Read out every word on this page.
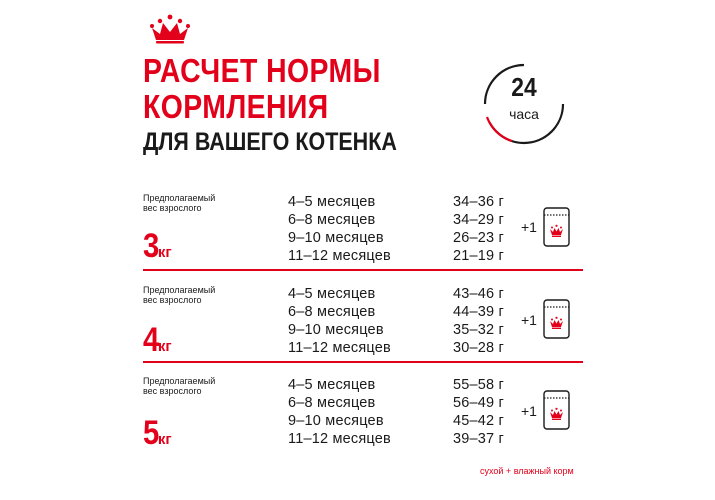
РАСЧЕТ НОРМЫ
КОРМЛЕНИЯ
ДЛЯ ВАШЕГО КОТЕНКА
24
часа
Предполагаемый
вес взрослого
3кг
4–5 месяцев	34–36 г
6–8 месяцев	34–29 г
9–10 месяцев	26–23 г
11–12 месяцев	21–19 г
+1
Предполагаемый
вес взрослого
4кг
4–5 месяцев	43–46 г
6–8 месяцев	44–39 г
9–10 месяцев	35–32 г
11–12 месяцев	30–28 г
+1
Предполагаемый
вес взрослого
5кг
4–5 месяцев	55–58 г
6–8 месяцев	56–49 г
9–10 месяцев	45–42 г
11–12 месяцев	39–37 г
+1
сухой + влажный корм
